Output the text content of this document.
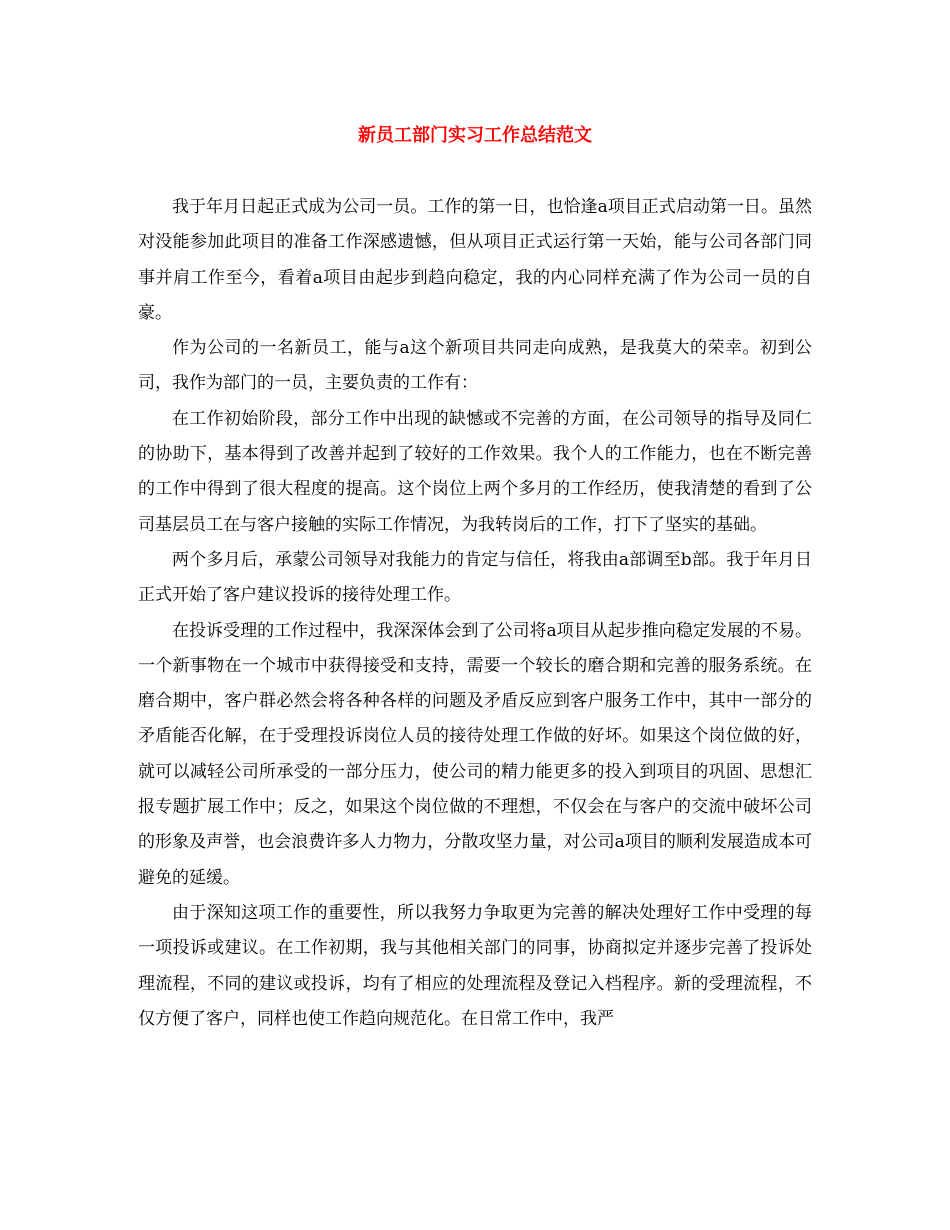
新员工部门实习工作总结范文

我于年月日起正式成为公司一员。工作的第一日，也恰逢a项目正式启动第一日。虽然对没能参加此项目的准备工作深感遗憾，但从项目正式运行第一天始，能与公司各部门同事并肩工作至今，看着a项目由起步到趋向稳定，我的内心同样充满了作为公司一员的自豪。

作为公司的一名新员工，能与a这个新项目共同走向成熟，是我莫大的荣幸。初到公司，我作为部门的一员，主要负责的工作有：

在工作初始阶段，部分工作中出现的缺憾或不完善的方面，在公司领导的指导及同仁的协助下，基本得到了改善并起到了较好的工作效果。我个人的工作能力，也在不断完善的工作中得到了很大程度的提高。这个岗位上两个多月的工作经历，使我清楚的看到了公司基层员工在与客户接触的实际工作情况，为我转岗后的工作，打下了坚实的基础。

两个多月后，承蒙公司领导对我能力的肯定与信任，将我由a部调至b部。我于年月日正式开始了客户建议投诉的接待处理工作。

在投诉受理的工作过程中，我深深体会到了公司将a项目从起步推向稳定发展的不易。一个新事物在一个城市中获得接受和支持，需要一个较长的磨合期和完善的服务系统。在磨合期中，客户群必然会将各种各样的问题及矛盾反应到客户服务工作中，其中一部分的矛盾能否化解，在于受理投诉岗位人员的接待处理工作做的好坏。如果这个岗位做的好，就可以减轻公司所承受的一部分压力，使公司的精力能更多的投入到项目的巩固、思想汇报专题扩展工作中；反之，如果这个岗位做的不理想，不仅会在与客户的交流中破坏公司的形象及声誉，也会浪费许多人力物力，分散攻坚力量，对公司a项目的顺利发展造成本可避免的延缓。

由于深知这项工作的重要性，所以我努力争取更为完善的解决处理好工作中受理的每一项投诉或建议。在工作初期，我与其他相关部门的同事，协商拟定并逐步完善了投诉处理流程，不同的建议或投诉，均有了相应的处理流程及登记入档程序。新的受理流程，不仅方便了客户，同样也使工作趋向规范化。在日常工作中，我严
